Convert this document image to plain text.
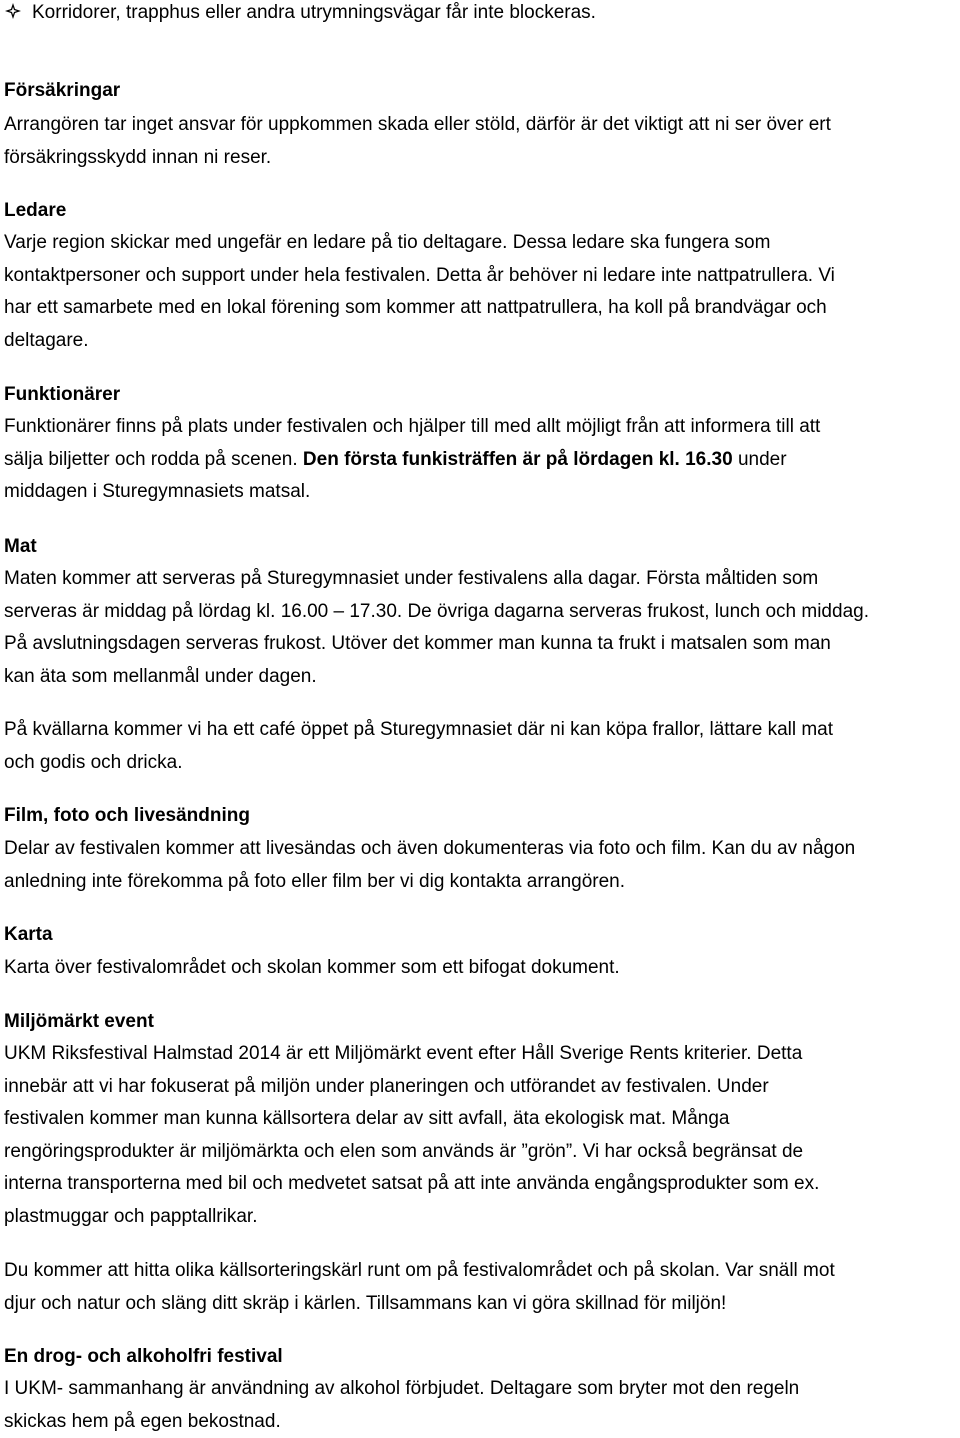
Korridorer, trapphus eller andra utrymningsvägar får inte blockeras.
Försäkringar
Arrangören tar inget ansvar för uppkommen skada eller stöld, därför är det viktigt att ni ser över ert
försäkringsskydd innan ni reser.
Ledare
Varje region skickar med ungefär en ledare på tio deltagare. Dessa ledare ska fungera som
kontaktpersoner och support under hela festivalen. Detta år behöver ni ledare inte nattpatrullera. Vi
har ett samarbete med en lokal förening som kommer att nattpatrullera, ha koll på brandvägar och
deltagare.
Funktionärer
Funktionärer finns på plats under festivalen och hjälper till med allt möjligt från att informera till att
sälja biljetter och rodda på scenen. Den första funkisträffen är på lördagen kl. 16.30 under
middagen i Sturegymnasiets matsal.
Mat
Maten kommer att serveras på Sturegymnasiet under festivalens alla dagar. Första måltiden som
serveras är middag på lördag kl. 16.00 – 17.30. De övriga dagarna serveras frukost, lunch och middag.
På avslutningsdagen serveras frukost. Utöver det kommer man kunna ta frukt i matsalen som man
kan äta som mellanmål under dagen.
På kvällarna kommer vi ha ett café öppet på Sturegymnasiet där ni kan köpa frallor, lättare kall mat
och godis och dricka.
Film, foto och livesändning
Delar av festivalen kommer att livesändas och även dokumenteras via foto och film. Kan du av någon
anledning inte förekomma på foto eller film ber vi dig kontakta arrangören.
Karta
Karta över festivalområdet och skolan kommer som ett bifogat dokument.
Miljömärkt event
UKM Riksfestival Halmstad 2014 är ett Miljömärkt event efter Håll Sverige Rents kriterier. Detta
innebär att vi har fokuserat på miljön under planeringen och utförandet av festivalen. Under
festivalen kommer man kunna källsortera delar av sitt avfall, äta ekologisk mat. Många
rengöringsprodukter är miljömärkta och elen som används är ”grön”. Vi har också begränsat de
interna transporterna med bil och medvetet satsat på att inte använda engångsprodukter som ex.
plastmuggar och papptallrikar.
Du kommer att hitta olika källsorteringskärl runt om på festivalområdet och på skolan. Var snäll mot
djur och natur och släng ditt skräp i kärlen. Tillsammans kan vi göra skillnad för miljön!
En drog- och alkoholfri festival
I UKM- sammanhang är användning av alkohol förbjudet. Deltagare som bryter mot den regeln
skickas hem på egen bekostnad.
